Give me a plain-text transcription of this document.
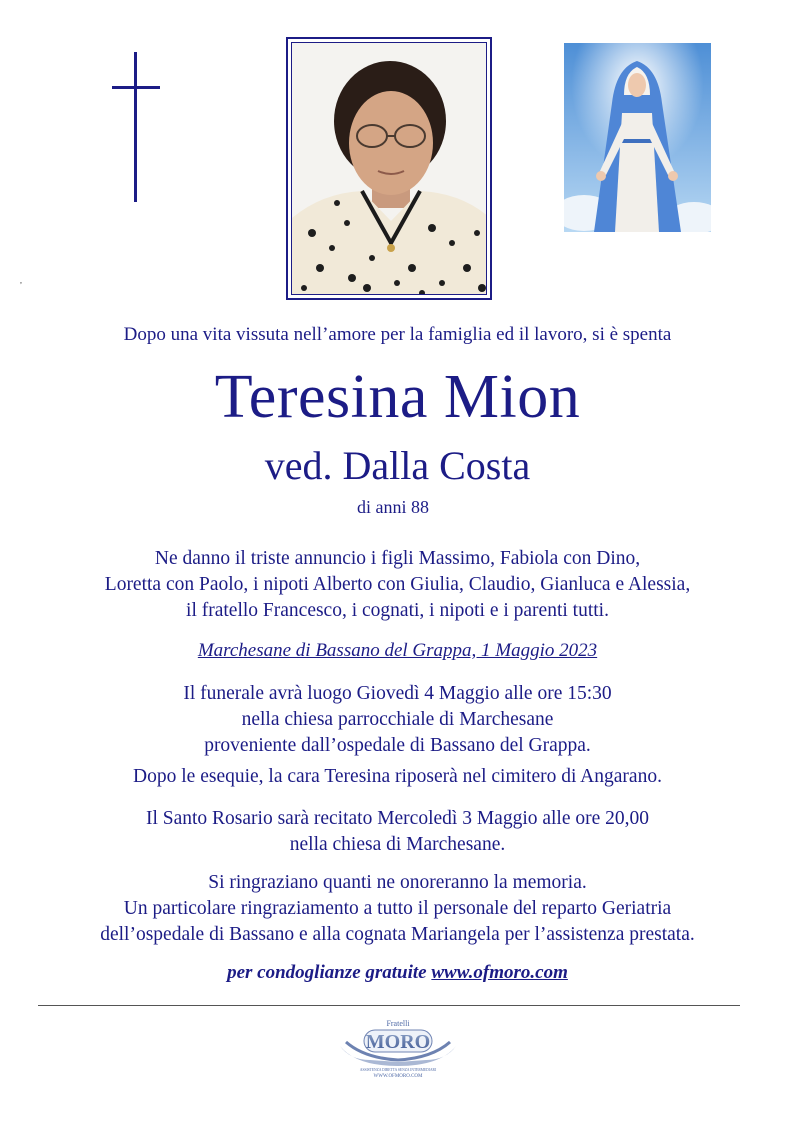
,

Dopo una vita vissuta nell’amore per la famiglia ed il lavoro, si è spenta

Teresina Mion

ved. Dalla Costa

di anni 88

Ne danno il triste annuncio i figli Massimo, Fabiola con Dino,

Loretta con Paolo, i nipoti Alberto con Giulia, Claudio, Gianluca e Alessia,

il fratello Francesco, i cognati, i nipoti e i parenti tutti.

Marchesane di Bassano del Grappa, 1 Maggio 2023

Il funerale avrà luogo Giovedì 4 Maggio alle ore 15:30

nella chiesa parrocchiale di Marchesane

proveniente dall’ospedale di Bassano del Grappa.

Dopo le esequie, la cara Teresina riposerà nel cimitero di Angarano.

Il Santo Rosario sarà recitato Mercoledì 3 Maggio alle ore 20,00

nella chiesa di Marchesane.

Si ringraziano quanti ne onoreranno la memoria.

Un particolare ringraziamento a tutto il personale del reparto Geriatria

dell’ospedale di Bassano e alla cognata Mariangela per l’assistenza prestata.

per condoglianze gratuite www.ofmoro.com

Fratelli
MORO
ASSISTENZA DIRETTA SENZA INTERMEDIARI
WWW.OFMORO.COM
